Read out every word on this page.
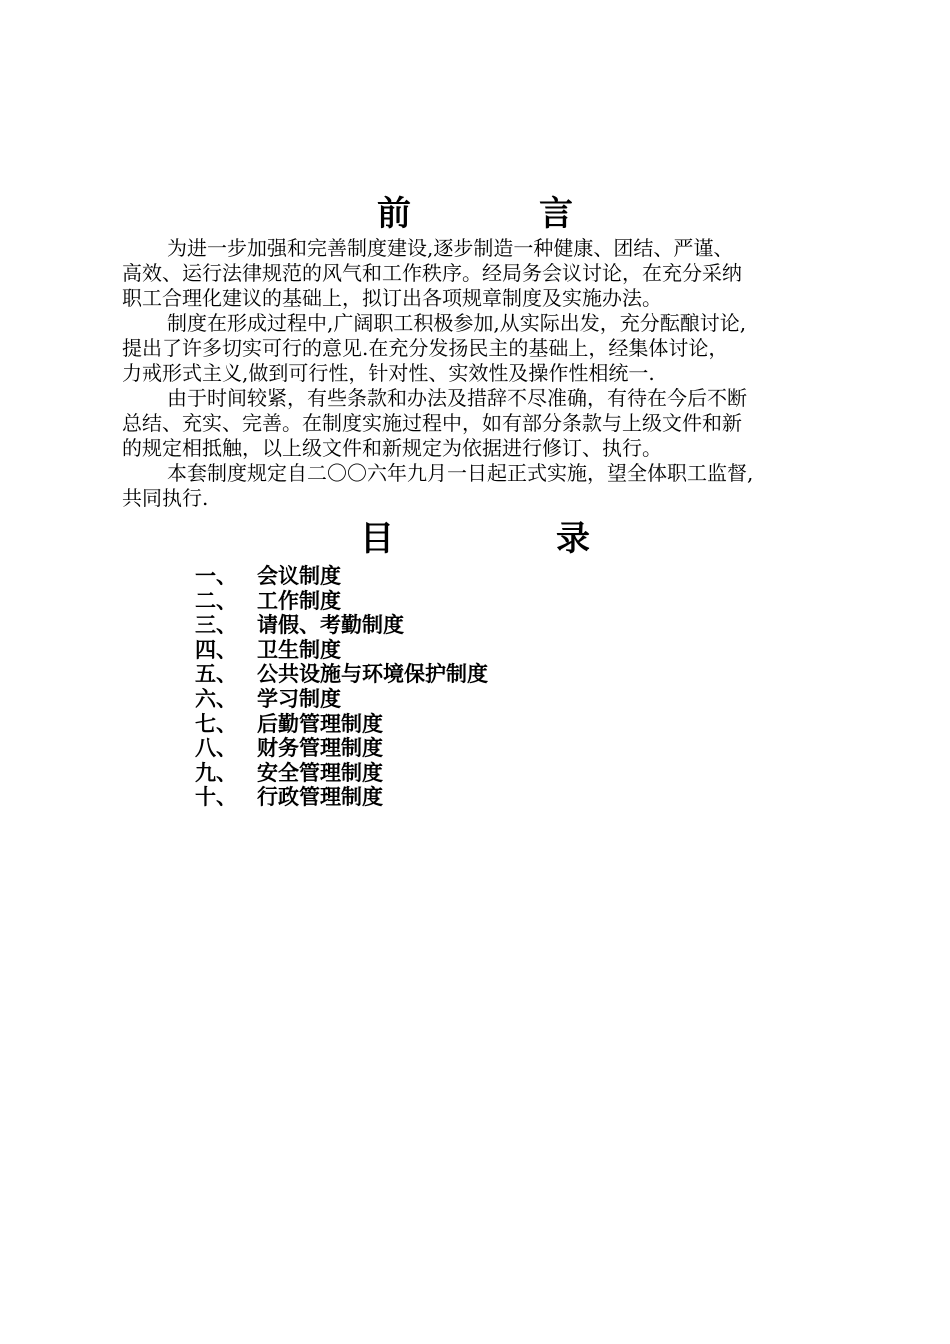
前	言

为进一步加强和完善制度建设,逐步制造一种健康、团结、严谨、
高效、运行法律规范的风气和工作秩序。经局务会议讨论，在充分采纳
职工合理化建议的基础上，拟订出各项规章制度及实施办法。

制度在形成过程中,广阔职工积极参加,从实际出发，充分酝酿讨论,
提出了许多切实可行的意见.在充分发扬民主的基础上，经集体讨论，
力戒形式主义,做到可行性，针对性、实效性及操作性相统一.

由于时间较紧，有些条款和办法及措辞不尽准确，有待在今后不断
总结、充实、完善。在制度实施过程中，如有部分条款与上级文件和新
的规定相抵触，以上级文件和新规定为依据进行修订、执行。

本套制度规定自二〇〇六年九月一日起正式实施，望全体职工监督,
共同执行.

目	录
一、 会议制度
二、 工作制度
三、 请假、考勤制度
四、 卫生制度
五、 公共设施与环境保护制度
六、 学习制度
七、 后勤管理制度
八、 财务管理制度
九、 安全管理制度
十、 行政管理制度
